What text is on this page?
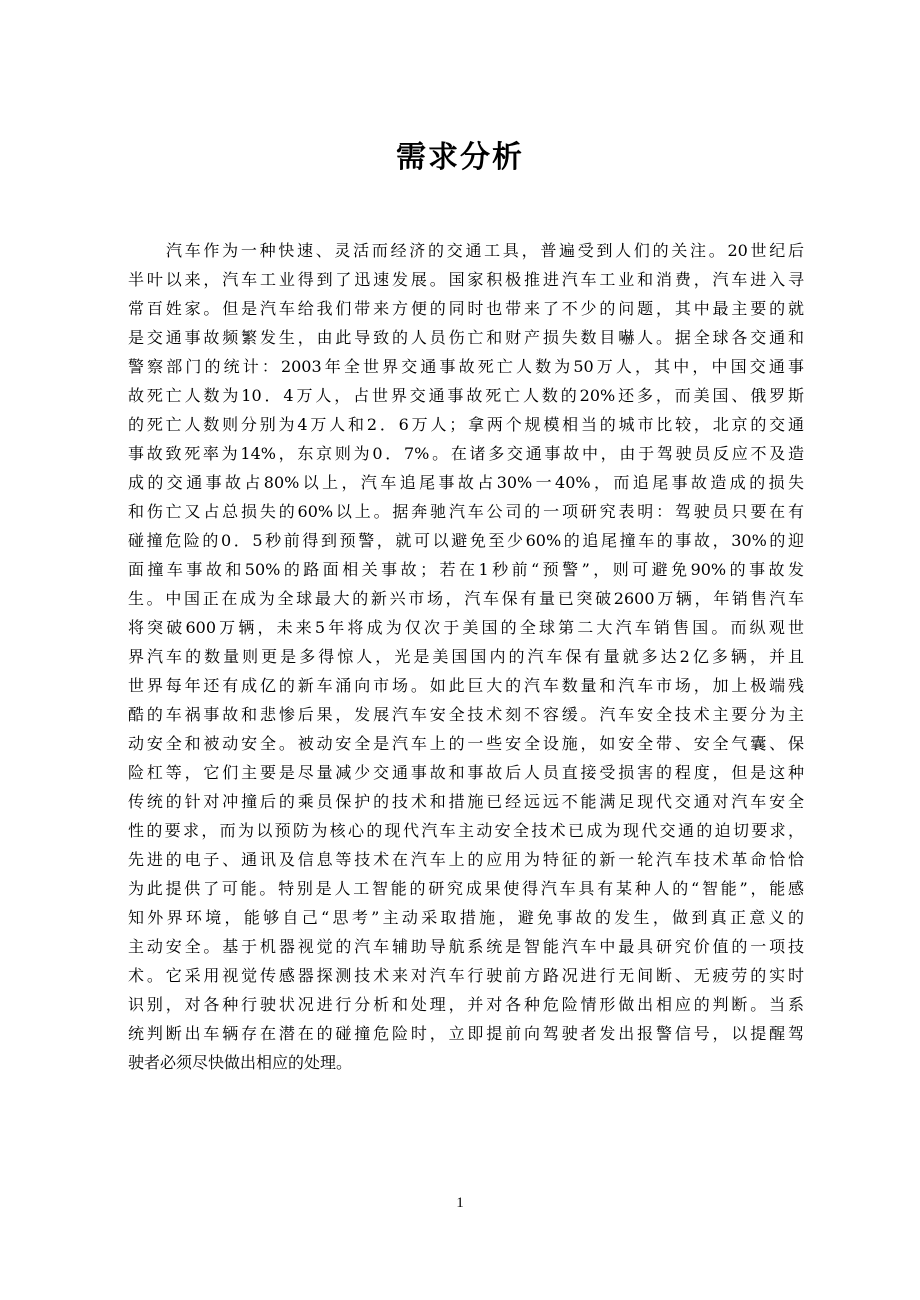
需求分析
汽车作为一种快速、灵活而经济的交通工具，普遍受到人们的关注。20世纪后
半叶以来，汽车工业得到了迅速发展。国家积极推进汽车工业和消费，汽车进入寻
常百姓家。但是汽车给我们带来方便的同时也带来了不少的问题，其中最主要的就
是交通事故频繁发生，由此导致的人员伤亡和财产损失数目嚇人。据全球各交通和
警察部门的统计：2003年全世界交通事故死亡人数为50万人，其中，中国交通事
故死亡人数为10．4万人，占世界交通事故死亡人数的20%还多，而美国、俄罗斯
的死亡人数则分别为4万人和2．6万人；拿两个规模相当的城市比较，北京的交通
事故致死率为14%，东京则为0．7%。在诸多交通事故中，由于驾驶员反应不及造
成的交通事故占80%以上，汽车追尾事故占30%一40%，而追尾事故造成的损失
和伤亡又占总损失的60%以上。据奔驰汽车公司的一项研究表明：驾驶员只要在有
碰撞危险的0．5秒前得到预警，就可以避免至少60%的追尾撞车的事故，30%的迎
面撞车事故和50%的路面相关事故；若在1秒前“预警”，则可避免90%的事故发
生。中国正在成为全球最大的新兴市场，汽车保有量已突破2600万辆，年销售汽车
将突破600万辆，未来5年将成为仅次于美国的全球第二大汽车销售国。而纵观世
界汽车的数量则更是多得惊人，光是美国国内的汽车保有量就多达2亿多辆，并且
世界每年还有成亿的新车涌向市场。如此巨大的汽车数量和汽车市场，加上极端残
酷的车祸事故和悲惨后果，发展汽车安全技术刻不容缓。汽车安全技术主要分为主
动安全和被动安全。被动安全是汽车上的一些安全设施，如安全带、安全气囊、保
险杠等，它们主要是尽量减少交通事故和事故后人员直接受损害的程度，但是这种
传统的针对冲撞后的乘员保护的技术和措施已经远远不能满足现代交通对汽车安全
性的要求，而为以预防为核心的现代汽车主动安全技术已成为现代交通的迫切要求，
先进的电子、通讯及信息等技术在汽车上的应用为特征的新一轮汽车技术革命恰恰
为此提供了可能。特别是人工智能的研究成果使得汽车具有某种人的“智能”，能感
知外界环境，能够自己“思考”主动采取措施，避免事故的发生，做到真正意义的
主动安全。基于机器视觉的汽车辅助导航系统是智能汽车中最具研究价值的一项技
术。它采用视觉传感器探测技术来对汽车行驶前方路况进行无间断、无疲劳的实时
识别，对各种行驶状况进行分析和处理，并对各种危险情形做出相应的判断。当系
统判断出车辆存在潜在的碰撞危险时，立即提前向驾驶者发出报警信号，以提醒驾
驶者必须尽快做出相应的处理。
1
